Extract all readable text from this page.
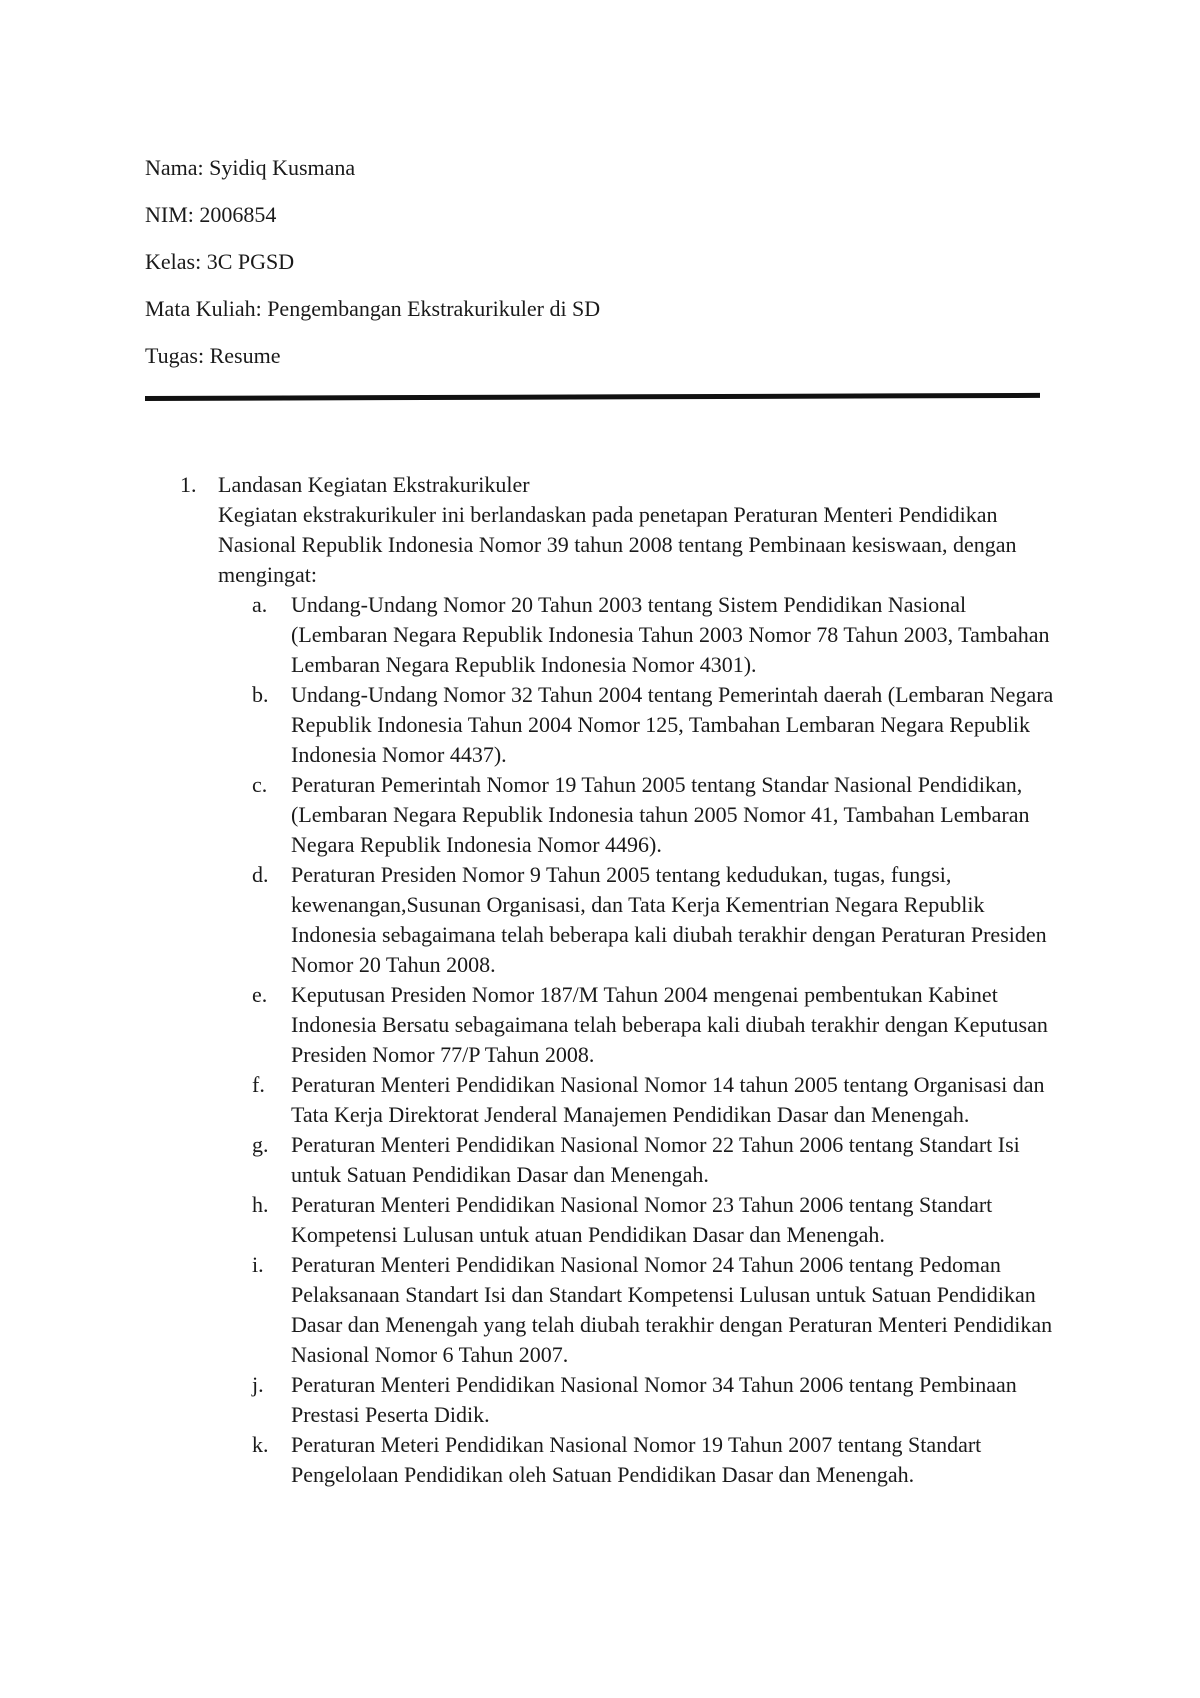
Nama: Syidiq Kusmana
NIM: 2006854
Kelas: 3C PGSD
Mata Kuliah: Pengembangan Ekstrakurikuler di SD
Tugas: Resume
1. Landasan Kegiatan Ekstrakurikuler
Kegiatan ekstrakurikuler ini berlandaskan pada penetapan Peraturan Menteri Pendidikan Nasional Republik Indonesia Nomor 39 tahun 2008 tentang Pembinaan kesiswaan, dengan mengingat:
a. Undang-Undang Nomor 20 Tahun 2003 tentang Sistem Pendidikan Nasional (Lembaran Negara Republik Indonesia Tahun 2003 Nomor 78 Tahun 2003, Tambahan Lembaran Negara Republik Indonesia Nomor 4301).
b. Undang-Undang Nomor 32 Tahun 2004 tentang Pemerintah daerah (Lembaran Negara Republik Indonesia Tahun 2004 Nomor 125, Tambahan Lembaran Negara Republik Indonesia Nomor 4437).
c. Peraturan Pemerintah Nomor 19 Tahun 2005 tentang Standar Nasional Pendidikan, (Lembaran Negara Republik Indonesia tahun 2005 Nomor 41, Tambahan Lembaran Negara Republik Indonesia Nomor 4496).
d. Peraturan Presiden Nomor 9 Tahun 2005 tentang kedudukan, tugas, fungsi, kewenangan,Susunan Organisasi, dan Tata Kerja Kementrian Negara Republik Indonesia sebagaimana telah beberapa kali diubah terakhir dengan Peraturan Presiden Nomor 20 Tahun 2008.
e. Keputusan Presiden Nomor 187/M Tahun 2004 mengenai pembentukan Kabinet Indonesia Bersatu sebagaimana telah beberapa kali diubah terakhir dengan Keputusan Presiden Nomor 77/P Tahun 2008.
f. Peraturan Menteri Pendidikan Nasional Nomor 14 tahun 2005 tentang Organisasi dan Tata Kerja Direktorat Jenderal Manajemen Pendidikan Dasar dan Menengah.
g. Peraturan Menteri Pendidikan Nasional Nomor 22 Tahun 2006 tentang Standart Isi untuk Satuan Pendidikan Dasar dan Menengah.
h. Peraturan Menteri Pendidikan Nasional Nomor 23 Tahun 2006 tentang Standart Kompetensi Lulusan untuk atuan Pendidikan Dasar dan Menengah.
i. Peraturan Menteri Pendidikan Nasional Nomor 24 Tahun 2006 tentang Pedoman Pelaksanaan Standart Isi dan Standart Kompetensi Lulusan untuk Satuan Pendidikan Dasar dan Menengah yang telah diubah terakhir dengan Peraturan Menteri Pendidikan Nasional Nomor 6 Tahun 2007.
j. Peraturan Menteri Pendidikan Nasional Nomor 34 Tahun 2006 tentang Pembinaan Prestasi Peserta Didik.
k. Peraturan Meteri Pendidikan Nasional Nomor 19 Tahun 2007 tentang Standart Pengelolaan Pendidikan oleh Satuan Pendidikan Dasar dan Menengah.
